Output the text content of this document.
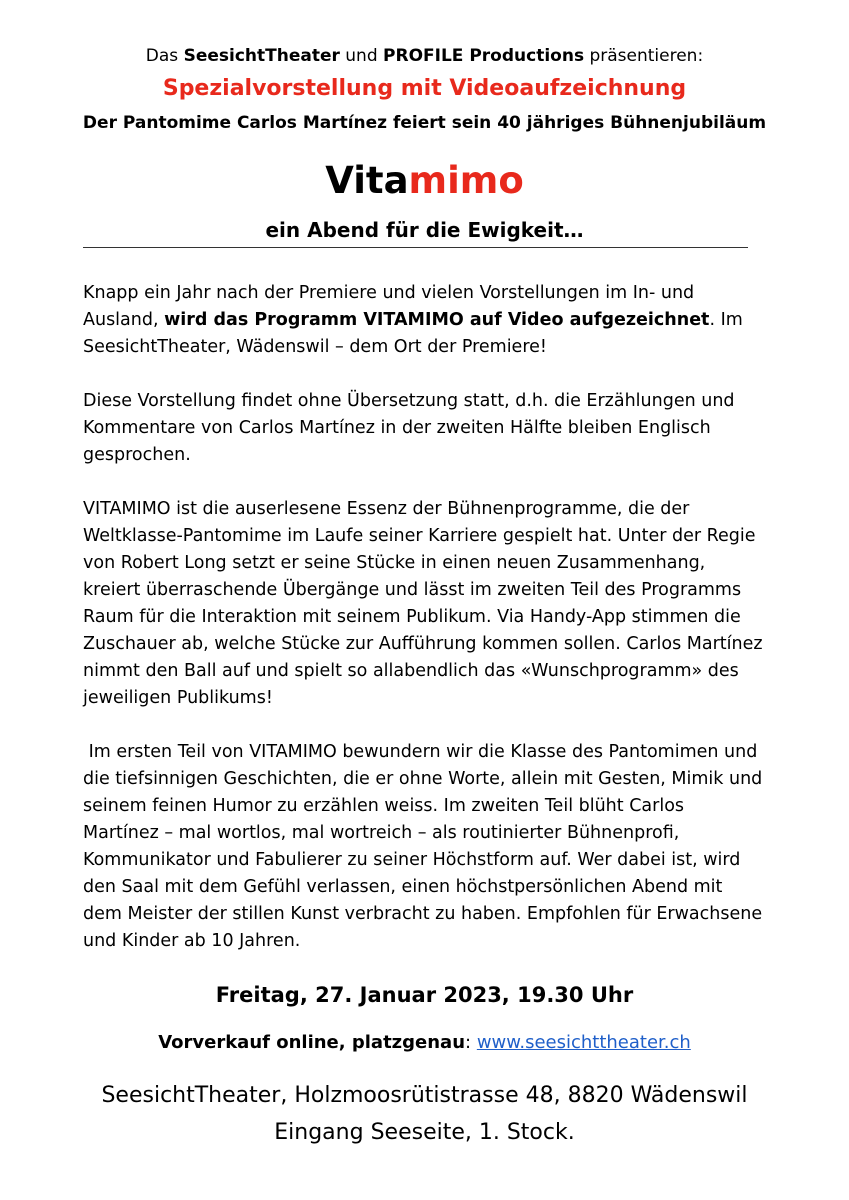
Das SeesichtTheater und PROFILE Productions präsentieren:
Spezialvorstellung mit Videoaufzeichnung
Der Pantomime Carlos Martínez feiert sein 40 jähriges Bühnenjubiläum
Vitamimo
ein Abend für die Ewigkeit…

Knapp ein Jahr nach der Premiere und vielen Vorstellungen im In- und Ausland, wird das Programm VITAMIMO auf Video aufgezeichnet. Im SeesichtTheater, Wädenswil – dem Ort der Premiere!

Diese Vorstellung findet ohne Übersetzung statt, d.h. die Erzählungen und Kommentare von Carlos Martínez in der zweiten Hälfte bleiben Englisch gesprochen.

VITAMIMO ist die auserlesene Essenz der Bühnenprogramme, die der Weltklasse-Pantomime im Laufe seiner Karriere gespielt hat. Unter der Regie von Robert Long setzt er seine Stücke in einen neuen Zusammenhang, kreiert überraschende Übergänge und lässt im zweiten Teil des Programms Raum für die Interaktion mit seinem Publikum. Via Handy-App stimmen die Zuschauer ab, welche Stücke zur Aufführung kommen sollen. Carlos Martínez nimmt den Ball auf und spielt so allabendlich das «Wunschprogramm» des jeweiligen Publikums!

Im ersten Teil von VITAMIMO bewundern wir die Klasse des Pantomimen und die tiefsinnigen Geschichten, die er ohne Worte, allein mit Gesten, Mimik und seinem feinen Humor zu erzählen weiss. Im zweiten Teil blüht Carlos Martínez – mal wortlos, mal wortreich – als routinierter Bühnenprofi, Kommunikator und Fabulierer zu seiner Höchstform auf. Wer dabei ist, wird den Saal mit dem Gefühl verlassen, einen höchstpersönlichen Abend mit dem Meister der stillen Kunst verbracht zu haben. Empfohlen für Erwachsene und Kinder ab 10 Jahren.

Freitag, 27. Januar 2023, 19.30 Uhr
Vorverkauf online, platzgenau: www.seesichttheater.ch
SeesichtTheater, Holzmoosrütistrasse 48, 8820 Wädenswil
Eingang Seeseite, 1. Stock.
